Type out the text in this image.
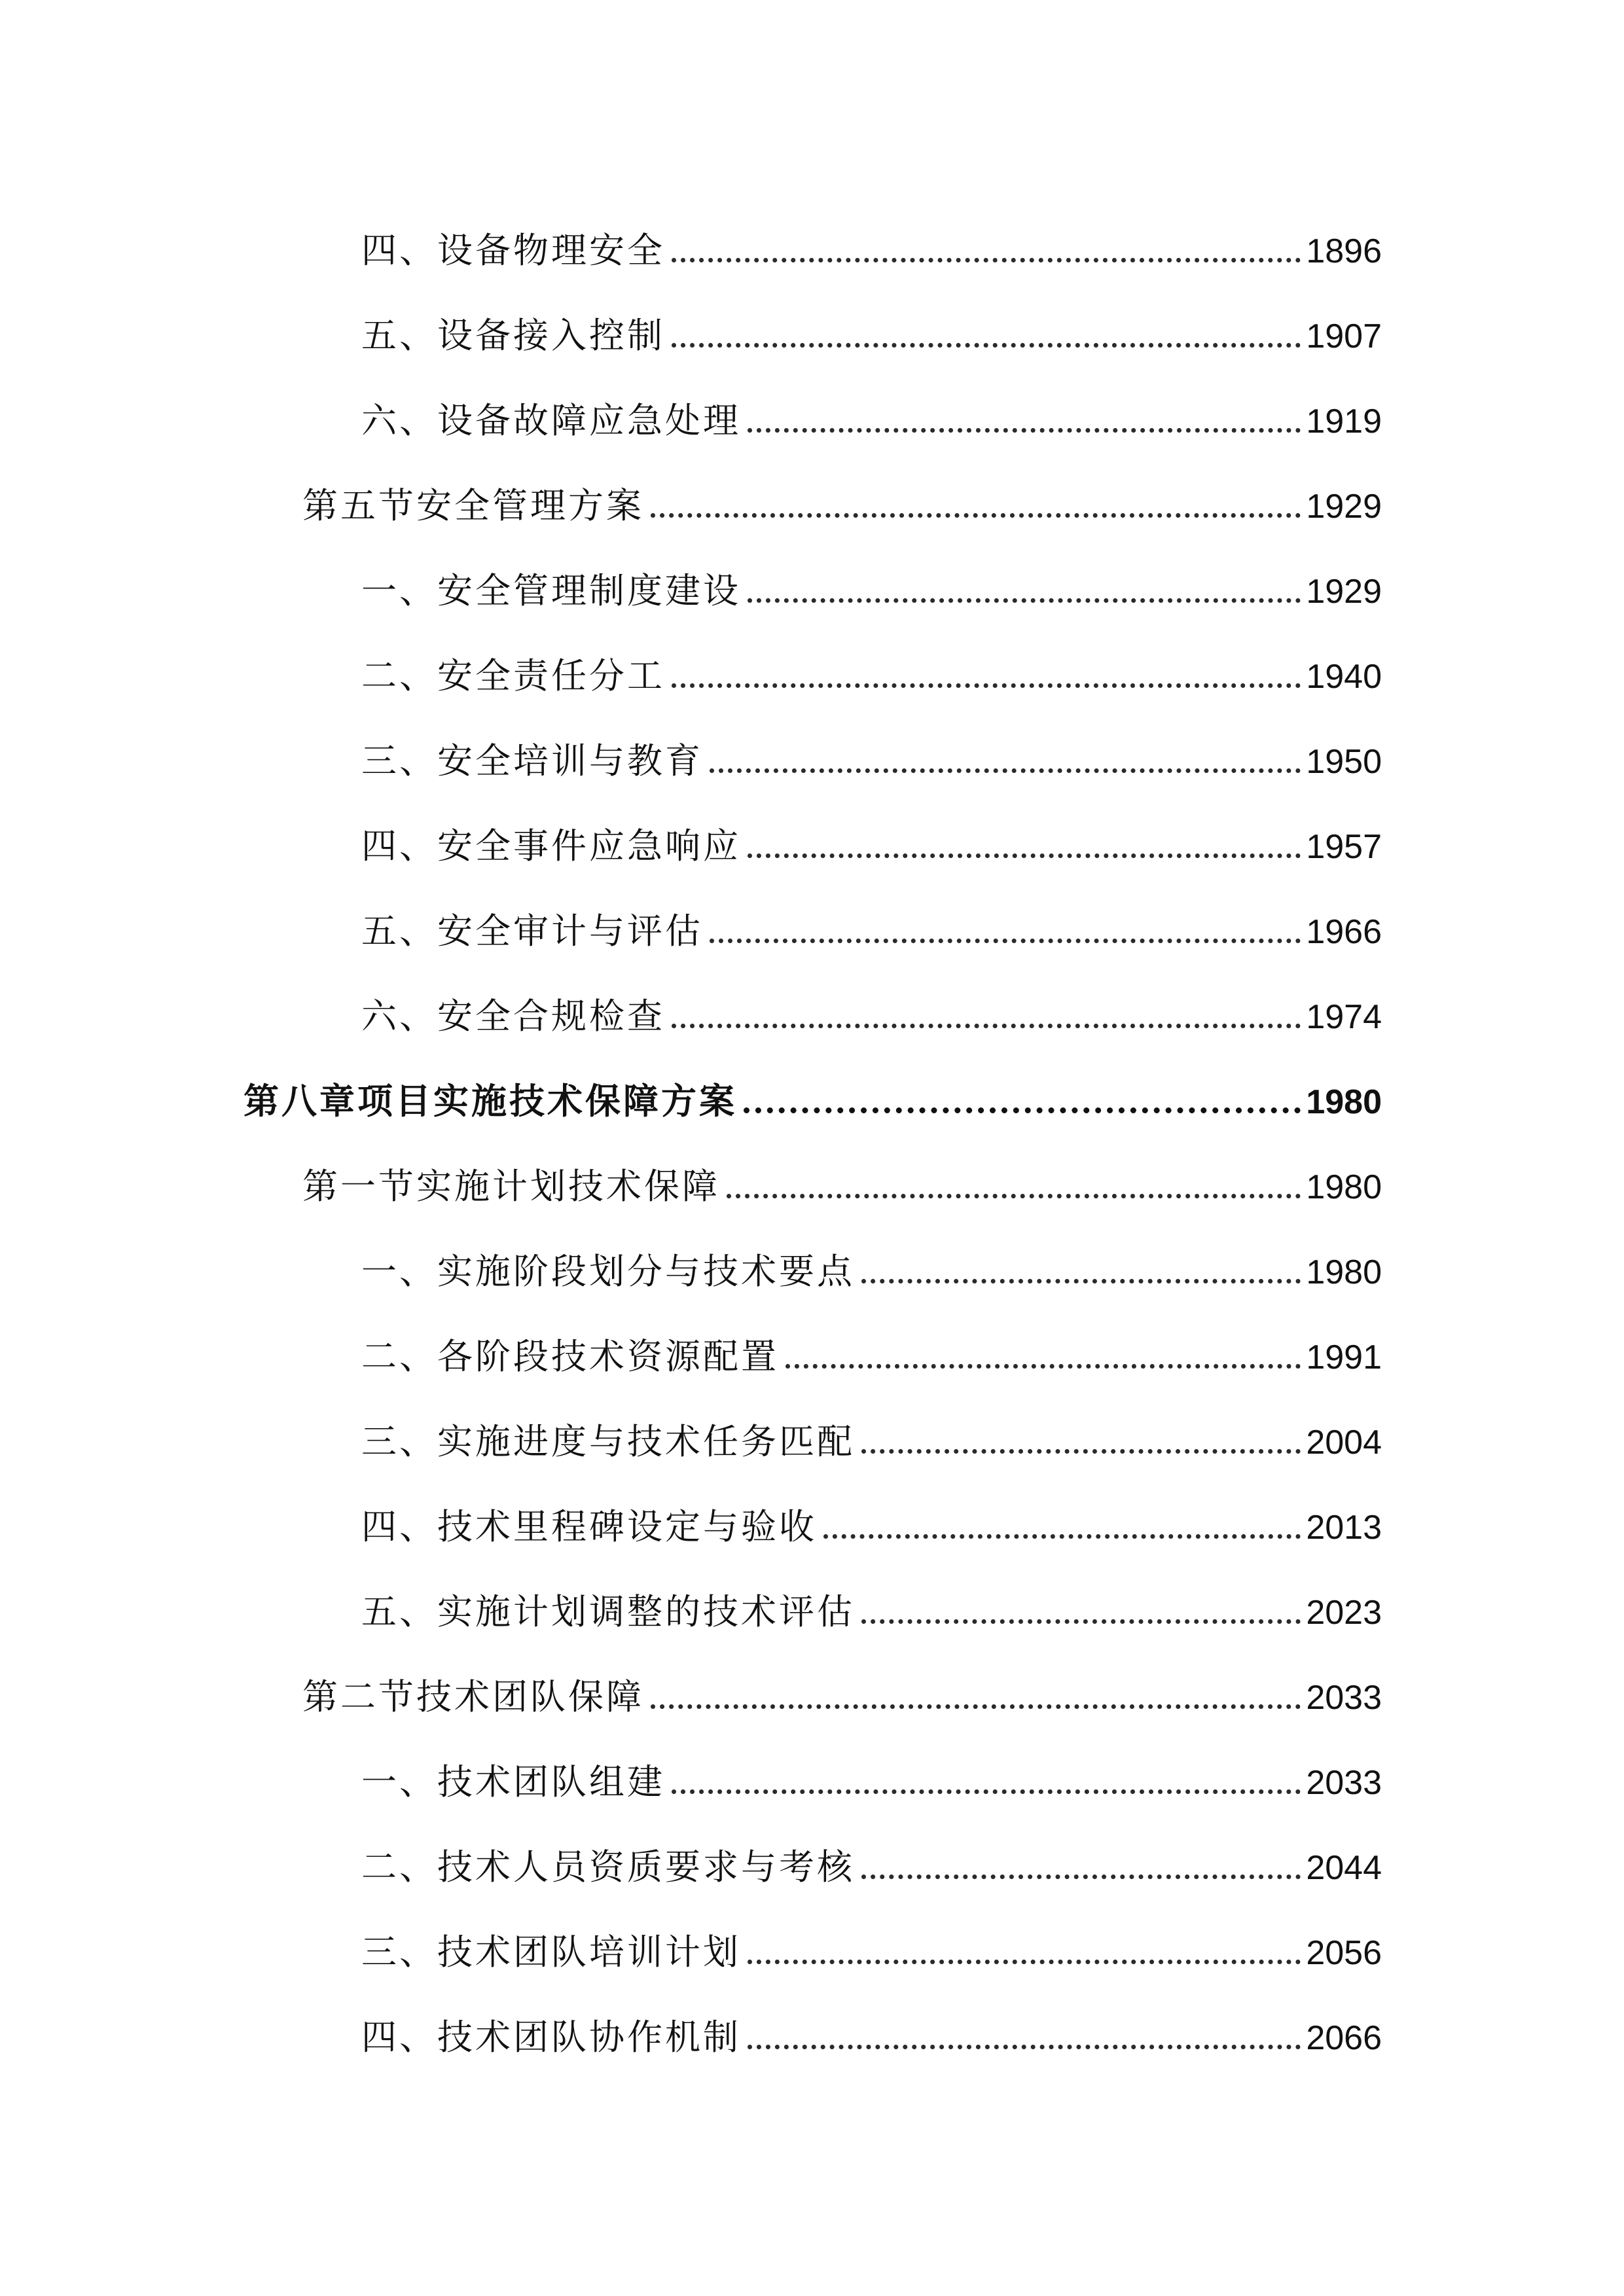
四、设备物理安全	1896
五、设备接入控制	1907
六、设备故障应急处理	1919
第五节安全管理方案	1929
一、安全管理制度建设	1929
二、安全责任分工	1940
三、安全培训与教育	1950
四、安全事件应急响应	1957
五、安全审计与评估	1966
六、安全合规检查	1974
第八章项目实施技术保障方案	1980
第一节实施计划技术保障	1980
一、实施阶段划分与技术要点	1980
二、各阶段技术资源配置	1991
三、实施进度与技术任务匹配	2004
四、技术里程碑设定与验收	2013
五、实施计划调整的技术评估	2023
第二节技术团队保障	2033
一、技术团队组建	2033
二、技术人员资质要求与考核	2044
三、技术团队培训计划	2056
四、技术团队协作机制	2066
